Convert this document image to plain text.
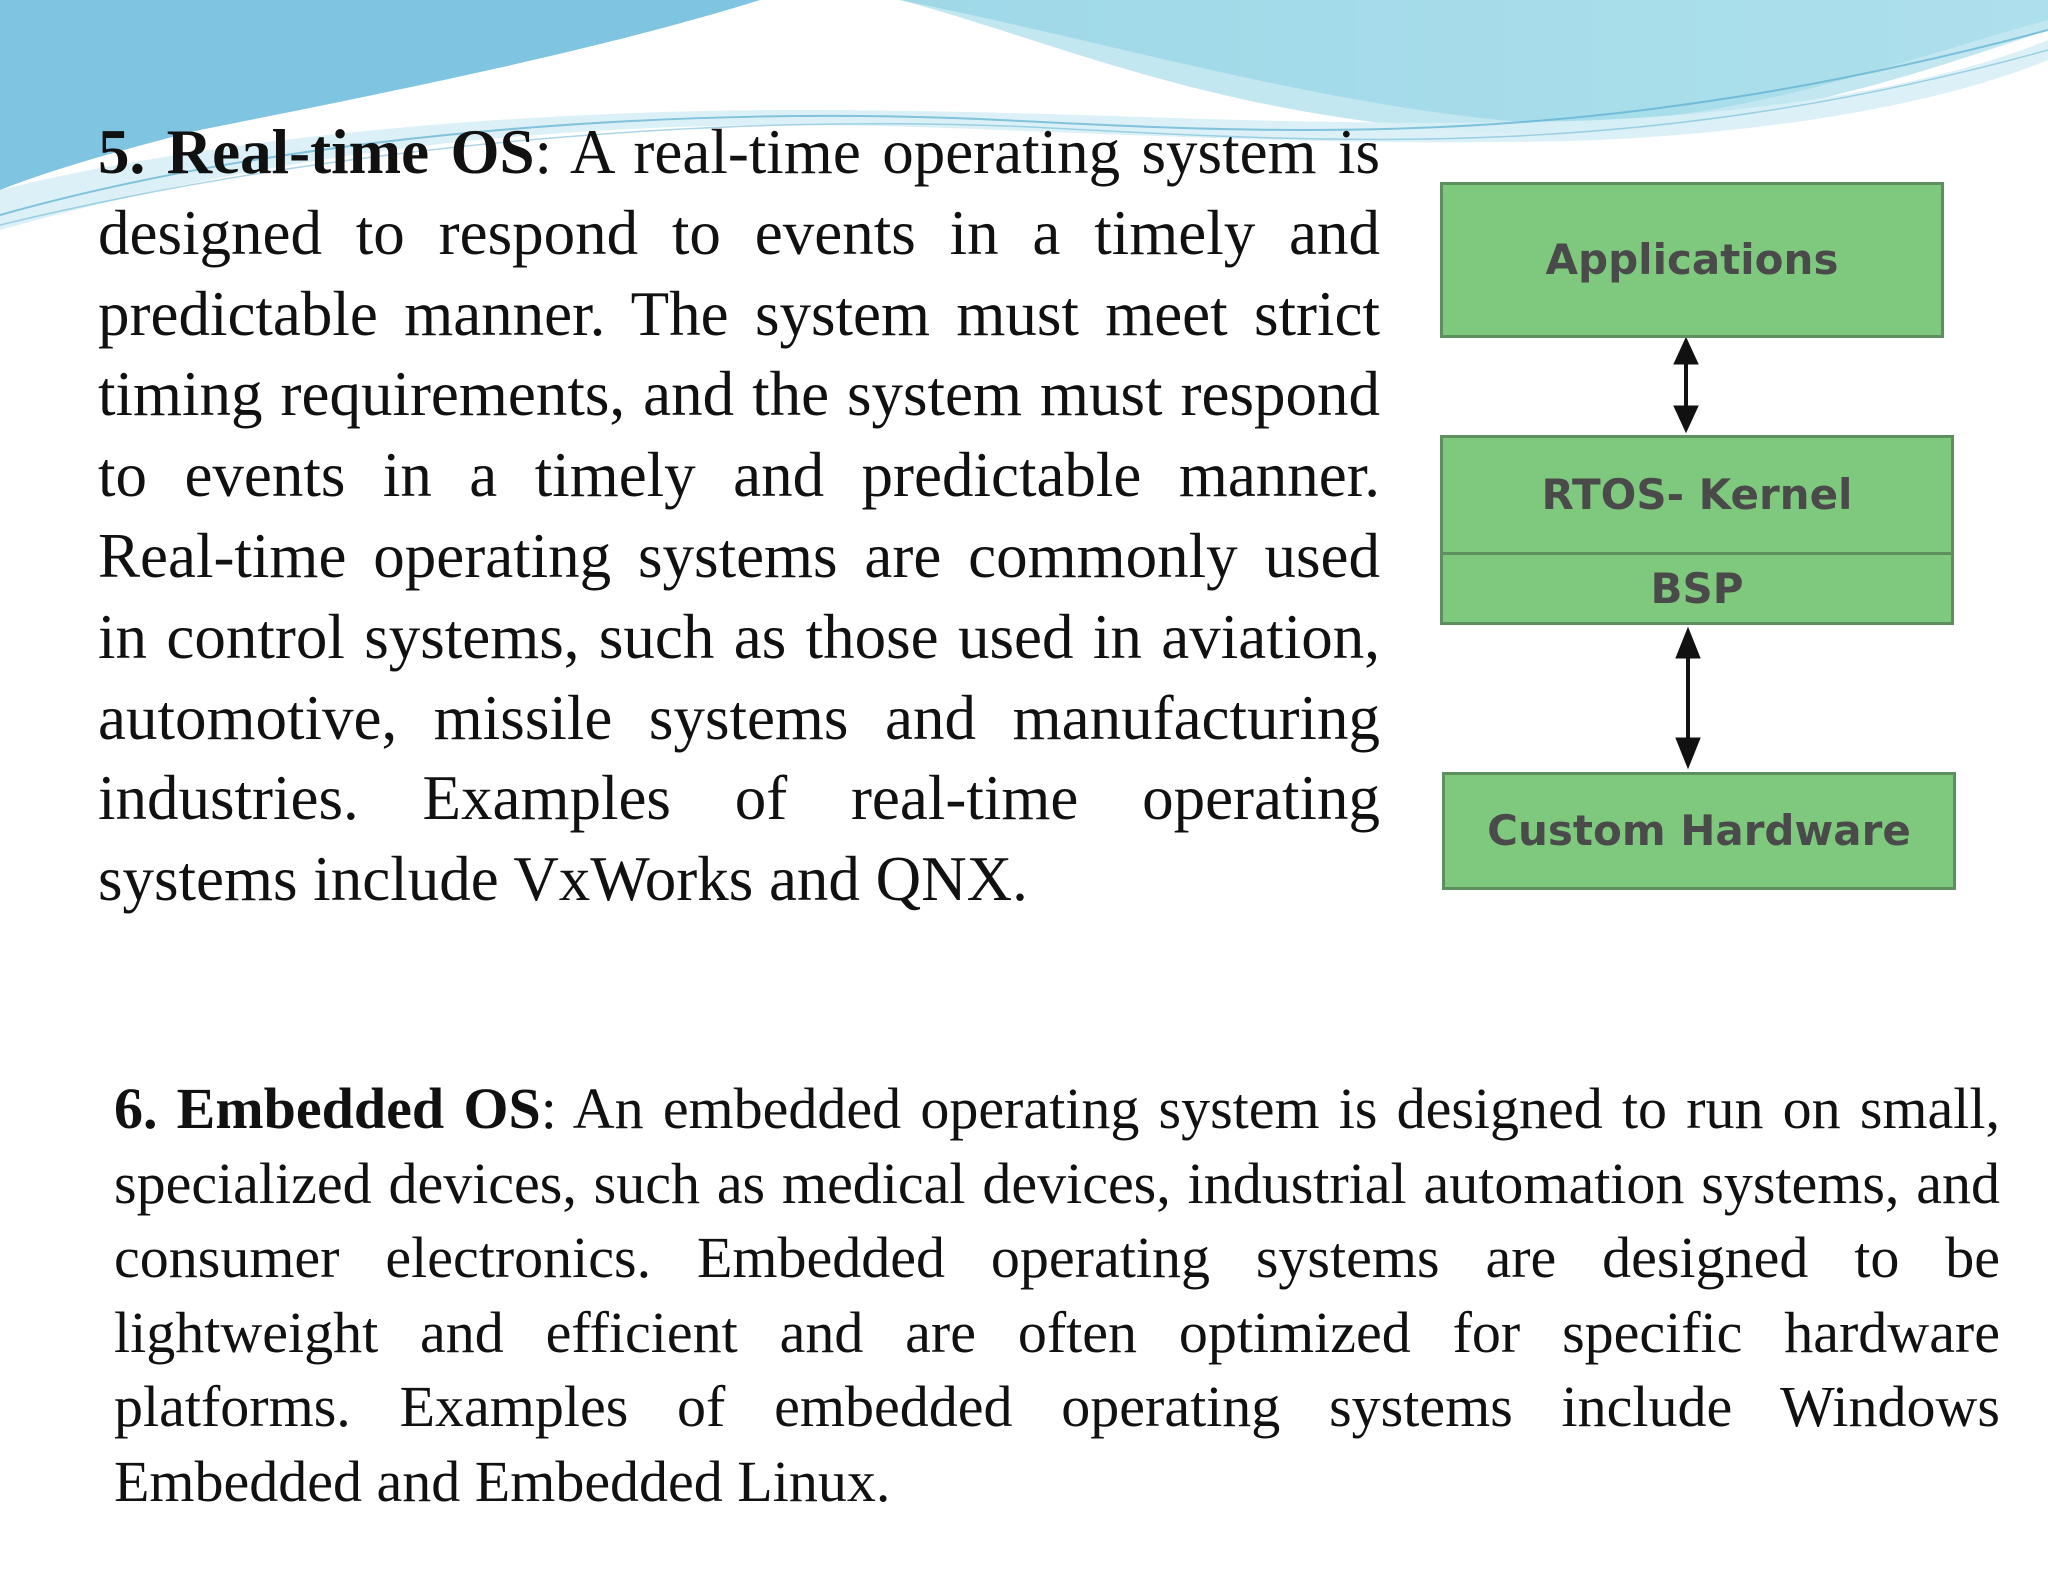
5. Real-time OS: A real-time operating system is designed to respond to events in a timely and predictable manner. The system must meet strict timing requirements, and the system must respond to events in a timely and predictable manner. Real-time operating systems are commonly used in control systems, such as those used in aviation, automotive, missile systems and manufacturing industries. Examples of real-time operating systems include VxWorks and QNX.

Applications
RTOS- Kernel
BSP
Custom Hardware

6. Embedded OS: An embedded operating system is designed to run on small, specialized devices, such as medical devices, industrial automation systems, and consumer electronics. Embedded operating systems are designed to be lightweight and efficient and are often optimized for specific hardware platforms. Examples of embedded operating systems include Windows Embedded and Embedded Linux.
